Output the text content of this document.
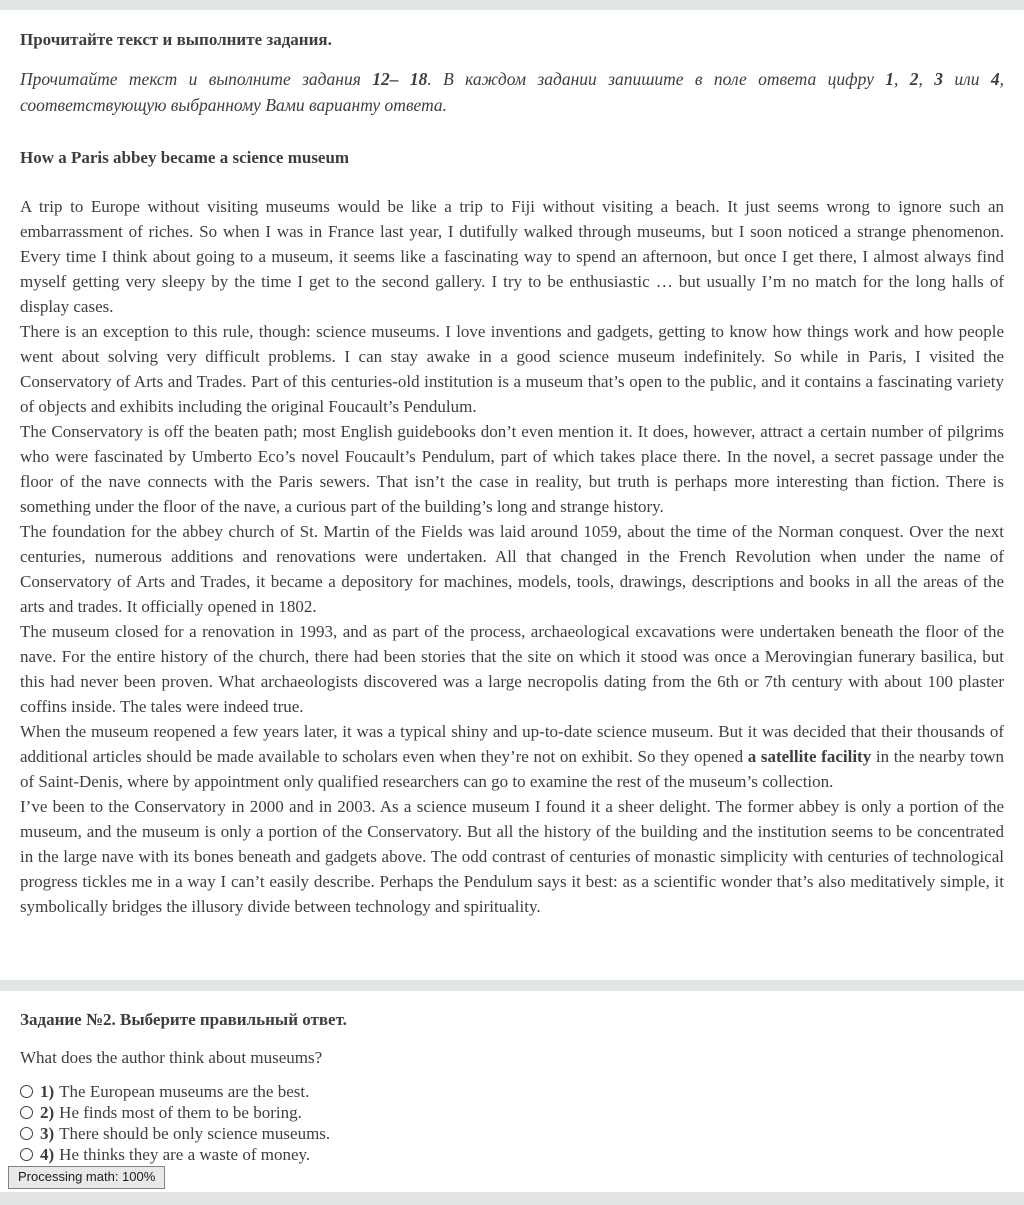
Прочитайте текст и выполните задания.

Прочитайте текст и выполните задания 12– 18. В каждом задании запишите в поле ответа цифру 1, 2, 3 или 4, соответствующую выбранному Вами варианту ответа.

How a Paris abbey became a science museum

A trip to Europe without visiting museums would be like a trip to Fiji without visiting a beach. It just seems wrong to ignore such an embarrassment of riches. So when I was in France last year, I dutifully walked through museums, but I soon noticed a strange phenomenon. Every time I think about going to a museum, it seems like a fascinating way to spend an afternoon, but once I get there, I almost always find myself getting very sleepy by the time I get to the second gallery. I try to be enthusiastic … but usually I’m no match for the long halls of display cases.

There is an exception to this rule, though: science museums. I love inventions and gadgets, getting to know how things work and how people went about solving very difficult problems. I can stay awake in a good science museum indefinitely. So while in Paris, I visited the Conservatory of Arts and Trades. Part of this centuries-old institution is a museum that’s open to the public, and it contains a fascinating variety of objects and exhibits including the original Foucault’s Pendulum.

The Conservatory is off the beaten path; most English guidebooks don’t even mention it. It does, however, attract a certain number of pilgrims who were fascinated by Umberto Eco’s novel Foucault’s Pendulum, part of which takes place there. In the novel, a secret passage under the floor of the nave connects with the Paris sewers. That isn’t the case in reality, but truth is perhaps more interesting than fiction. There is something under the floor of the nave, a curious part of the building’s long and strange history.

The foundation for the abbey church of St. Martin of the Fields was laid around 1059, about the time of the Norman conquest. Over the next centuries, numerous additions and renovations were undertaken. All that changed in the French Revolution when under the name of Conservatory of Arts and Trades, it became a depository for machines, models, tools, drawings, descriptions and books in all the areas of the arts and trades. It officially opened in 1802.

The museum closed for a renovation in 1993, and as part of the process, archaeological excavations were undertaken beneath the floor of the nave. For the entire history of the church, there had been stories that the site on which it stood was once a Merovingian funerary basilica, but this had never been proven. What archaeologists discovered was a large necropolis dating from the 6th or 7th century with about 100 plaster coffins inside. The tales were indeed true.

When the museum reopened a few years later, it was a typical shiny and up-to-date science museum. But it was decided that their thousands of additional articles should be made available to scholars even when they’re not on exhibit. So they opened a satellite facility in the nearby town of Saint-Denis, where by appointment only qualified researchers can go to examine the rest of the museum’s collection.

I’ve been to the Conservatory in 2000 and in 2003. As a science museum I found it a sheer delight. The former abbey is only a portion of the museum, and the museum is only a portion of the Conservatory. But all the history of the building and the institution seems to be concentrated in the large nave with its bones beneath and gadgets above. The odd contrast of centuries of monastic simplicity with centuries of technological progress tickles me in a way I can’t easily describe. Perhaps the Pendulum says it best: as a scientific wonder that’s also meditatively simple, it symbolically bridges the illusory divide between technology and spirituality.

Задание №2. Выберите правильный ответ.

What does the author think about museums?

1) The European museums are the best.
2) He finds most of them to be boring.
3) There should be only science museums.
4) He thinks they are a waste of money.
Processing math: 100%
